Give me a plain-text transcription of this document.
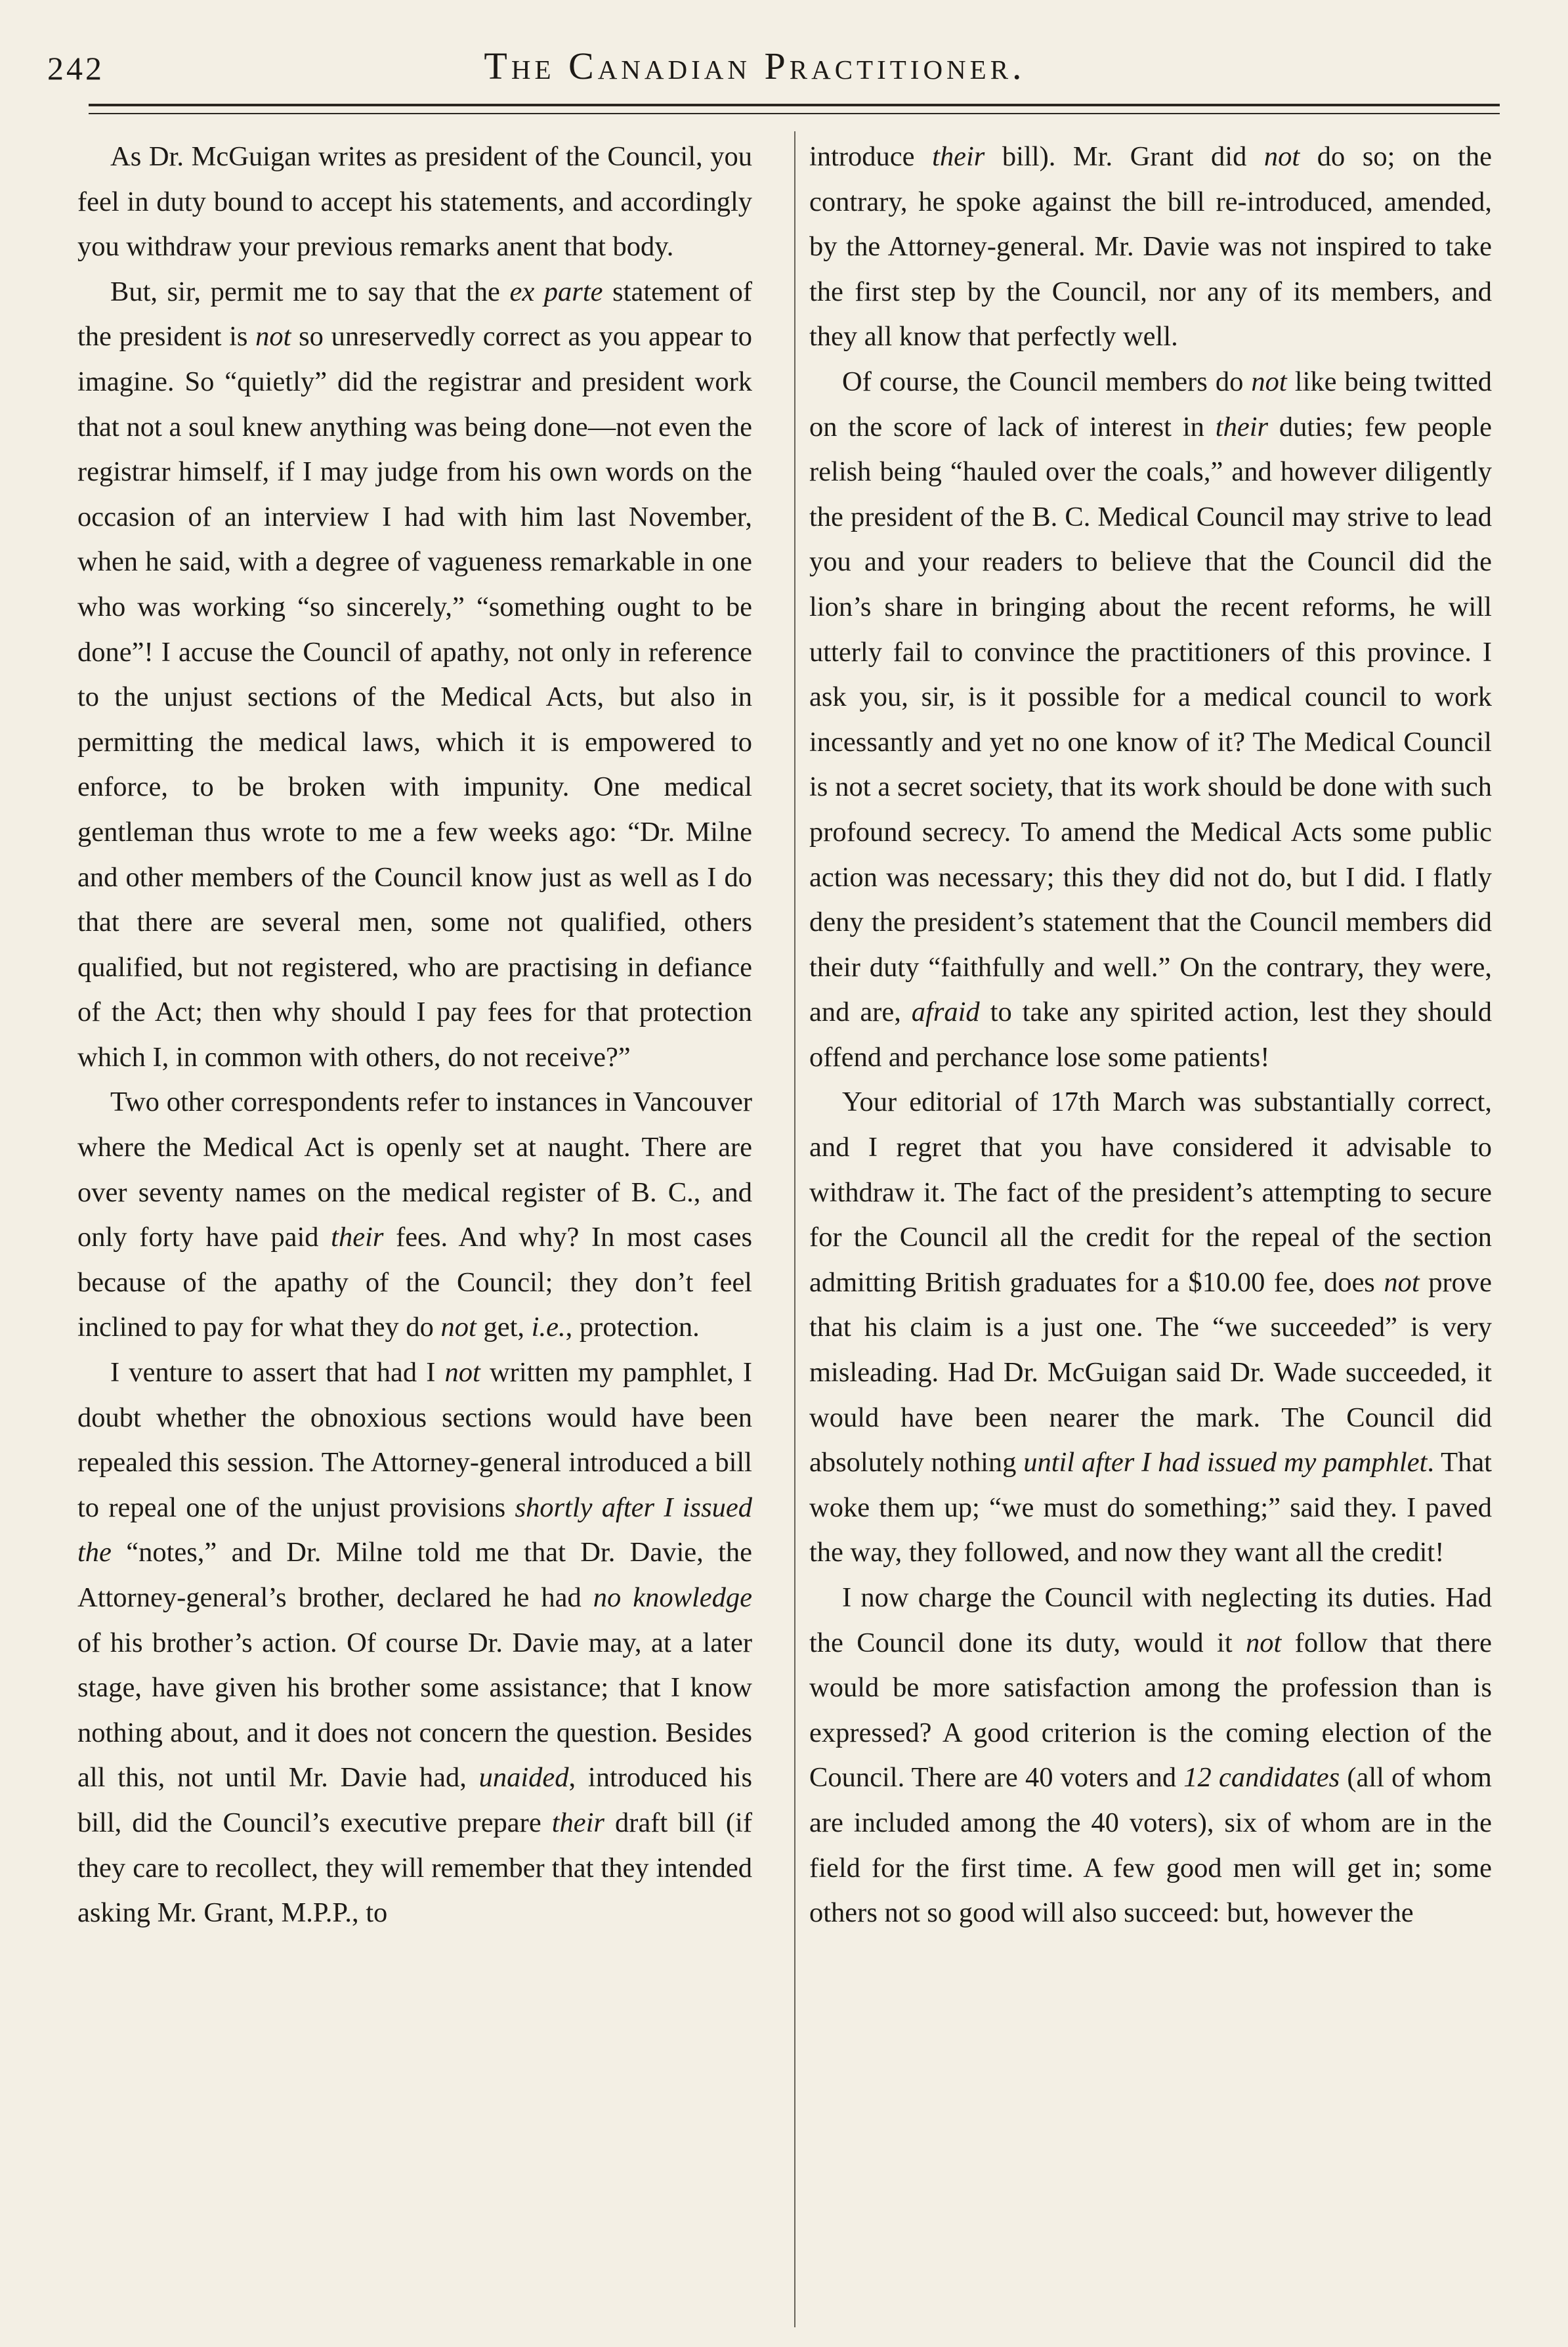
242	The Canadian Practitioner.

As Dr. McGuigan writes as president of the Council, you feel in duty bound to accept his statements, and accordingly you withdraw your previous remarks anent that body.

But, sir, permit me to say that the ex parte statement of the president is not so unreservedly correct as you appear to imagine. So “quietly” did the registrar and president work that not a soul knew anything was being done—not even the registrar himself, if I may judge from his own words on the occasion of an interview I had with him last November, when he said, with a degree of vagueness remarkable in one who was working “so sincerely,” “something ought to be done”! I accuse the Council of apathy, not only in reference to the unjust sections of the Medical Acts, but also in permitting the medical laws, which it is empowered to enforce, to be broken with impunity. One medical gentleman thus wrote to me a few weeks ago: “Dr. Milne and other members of the Council know just as well as I do that there are several men, some not qualified, others qualified, but not registered, who are practising in defiance of the Act; then why should I pay fees for that protection which I, in common with others, do not receive?”

Two other correspondents refer to instances in Vancouver where the Medical Act is openly set at naught. There are over seventy names on the medical register of B. C., and only forty have paid their fees. And why? In most cases because of the apathy of the Council; they don’t feel inclined to pay for what they do not get, i.e., protection.

I venture to assert that had I not written my pamphlet, I doubt whether the obnoxious sections would have been repealed this session. The Attorney-general introduced a bill to repeal one of the unjust provisions shortly after I issued the “notes,” and Dr. Milne told me that Dr. Davie, the Attorney-general’s brother, declared he had no knowledge of his brother’s action. Of course Dr. Davie may, at a later stage, have given his brother some assistance; that I know nothing about, and it does not concern the question. Besides all this, not until Mr. Davie had, unaided, introduced his bill, did the Council’s executive prepare their draft bill (if they care to recollect, they will remember that they intended asking Mr. Grant, M.P.P., to

introduce their bill). Mr. Grant did not do so; on the contrary, he spoke against the bill re-introduced, amended, by the Attorney-general. Mr. Davie was not inspired to take the first step by the Council, nor any of its members, and they all know that perfectly well.

Of course, the Council members do not like being twitted on the score of lack of interest in their duties; few people relish being “hauled over the coals,” and however diligently the president of the B. C. Medical Council may strive to lead you and your readers to believe that the Council did the lion’s share in bringing about the recent reforms, he will utterly fail to convince the practitioners of this province. I ask you, sir, is it possible for a medical council to work incessantly and yet no one know of it? The Medical Council is not a secret society, that its work should be done with such profound secrecy. To amend the Medical Acts some public action was necessary; this they did not do, but I did. I flatly deny the president’s statement that the Council members did their duty “faithfully and well.” On the contrary, they were, and are, afraid to take any spirited action, lest they should offend and perchance lose some patients!

Your editorial of 17th March was substantially correct, and I regret that you have considered it advisable to withdraw it. The fact of the president’s attempting to secure for the Council all the credit for the repeal of the section admitting British graduates for a $10.00 fee, does not prove that his claim is a just one. The “we succeeded” is very misleading. Had Dr. McGuigan said Dr. Wade succeeded, it would have been nearer the mark. The Council did absolutely nothing until after I had issued my pamphlet. That woke them up; “we must do something;” said they. I paved the way, they followed, and now they want all the credit!

I now charge the Council with neglecting its duties. Had the Council done its duty, would it not follow that there would be more satisfaction among the profession than is expressed? A good criterion is the coming election of the Council. There are 40 voters and 12 candidates (all of whom are included among the 40 voters), six of whom are in the field for the first time. A few good men will get in; some others not so good will also succeed: but, however the
